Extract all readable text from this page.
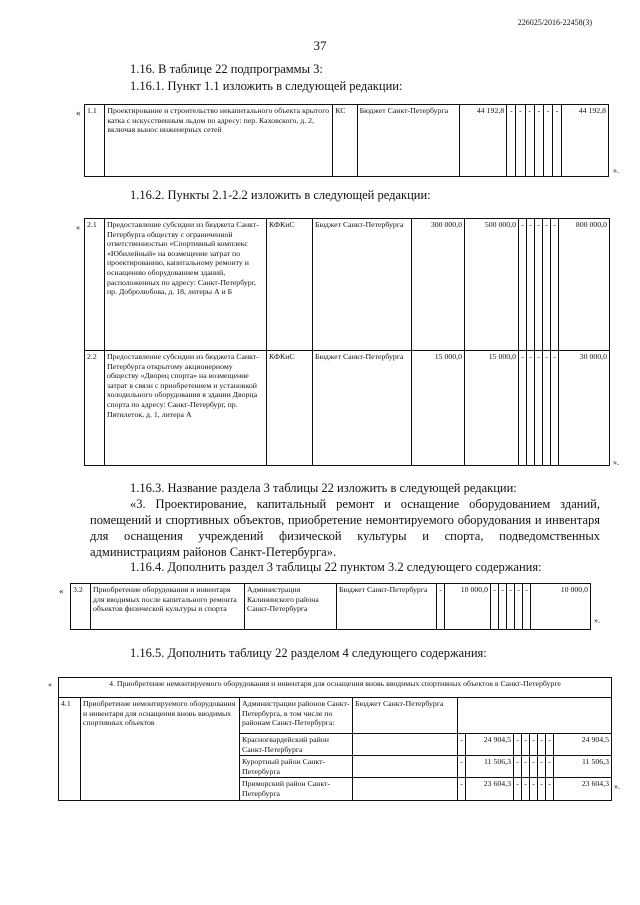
226025/2016-22458(3)
37
1.16. В таблице 22 подпрограммы 3:
1.16.1. Пункт 1.1 изложить в следующей редакции:
« 1.1	Проектирование и строительство некапитального объекта крытого катка с искусственным льдом по адресу: пер. Каховского, д. 2, включая вынос инженерных сетей	КС	Бюджет Санкт-Петербурга	44 192,8	-	-	-	-	-	-	44 192,8
».
1.16.2. Пункты 2.1-2.2 изложить в следующей редакции:
« 2.1	Предоставление субсидии из бюджета Санкт-Петербурга обществу с ограниченной ответственностью «Спортивный комплекс «Юбилейный» на возмещение затрат по проектированию, капитальному ремонту и оснащению оборудованием зданий, расположенных по адресу: Санкт-Петербург, пр. Добролюбова, д. 18, литеры А и Б	КФКиС	Бюджет Санкт-Петербурга	300 000,0	500 000,0	-	-	-	-	-	800 000,0
2.2	Предоставление субсидии из бюджета Санкт-Петербурга открытому акционерному обществу «Дворец спорта» на возмещение затрат в связи с приобретением и установкой холодильного оборудования в здании Дворца спорта по адресу: Санкт-Петербург, пр. Пятилеток, д. 1, литера А	КФКиС	Бюджет Санкт-Петербурга	15 000,0	15 000,0	-	-	-	-	-	30 000,0
».
1.16.3. Название раздела 3 таблицы 22 изложить в следующей редакции:
«3. Проектирование, капитальный ремонт и оснащение оборудованием зданий, помещений и спортивных объектов, приобретение немонтируемого оборудования и инвентаря для оснащения учреждений физической культуры и спорта, подведомственных администрациям районов Санкт-Петербурга».
1.16.4. Дополнить раздел 3 таблицы 22 пунктом 3.2 следующего содержания:
« 3.2	Приобретение оборудования и инвентаря для вводимых после капитального ремонта объектов физической культуры и спорта	Администрация Калининского района Санкт-Петербурга	Бюджет Санкт-Петербурга	-	10 000,0	-	-	-	-	-	10 000,0
».
1.16.5. Дополнить таблицу 22 разделом 4 следующего содержания:
«	4. Приобретение немонтируемого оборудования и инвентаря для оснащения вновь вводимых спортивных объектов в Санкт-Петербурге											
4.1	Приобретение немонтируемого оборудования и инвентаря для оснащения вновь вводимых спортивных объектов	Администрации районов Санкт-Петербурга, в том числе по районам Санкт-Петербурга:	Бюджет Санкт-Петербурга								
		Красногвардейский район Санкт-Петербурга		-	24 904,5	-	-	-	-	-	24 904,5
		Курортный район Санкт-Петербурга		-	11 506,3	-	-	-	-	-	11 506,3
		Приморский район Санкт-Петербурга		-	23 604,3	-	-	-	-	-	23 604,3 ».
